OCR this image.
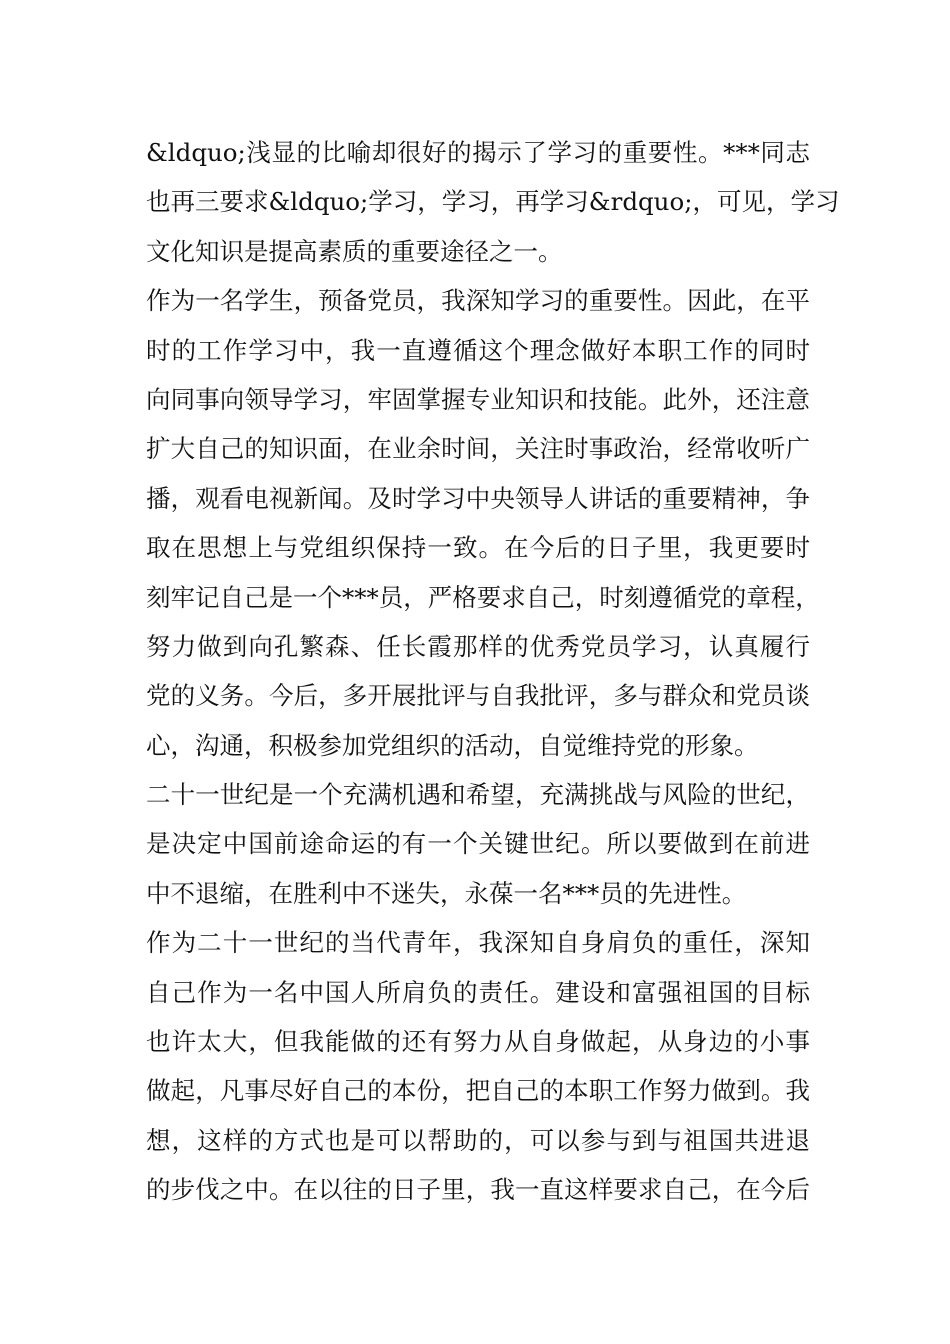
&ldquo;浅显的比喻却很好的揭示了学习的重要性。***同志
也再三要求&ldquo;学习，学习，再学习&rdquo;，可见，学习
文化知识是提高素质的重要途径之一。
作为一名学生，预备党员，我深知学习的重要性。因此，在平
时的工作学习中，我一直遵循这个理念做好本职工作的同时
向同事向领导学习，牢固掌握专业知识和技能。此外，还注意
扩大自己的知识面，在业余时间，关注时事政治，经常收听广
播，观看电视新闻。及时学习中央领导人讲话的重要精神，争
取在思想上与党组织保持一致。在今后的日子里，我更要时
刻牢记自己是一个***员，严格要求自己，时刻遵循党的章程，
努力做到向孔繁森、任长霞那样的优秀党员学习，认真履行
党的义务。今后，多开展批评与自我批评，多与群众和党员谈
心，沟通，积极参加党组织的活动，自觉维持党的形象。
二十一世纪是一个充满机遇和希望，充满挑战与风险的世纪，
是决定中国前途命运的有一个关键世纪。所以要做到在前进
中不退缩，在胜利中不迷失，永葆一名***员的先进性。
作为二十一世纪的当代青年，我深知自身肩负的重任，深知
自己作为一名中国人所肩负的责任。建设和富强祖国的目标
也许太大，但我能做的还有努力从自身做起，从身边的小事
做起，凡事尽好自己的本份，把自己的本职工作努力做到。我
想，这样的方式也是可以帮助的，可以参与到与祖国共进退
的步伐之中。在以往的日子里，我一直这样要求自己，在今后
